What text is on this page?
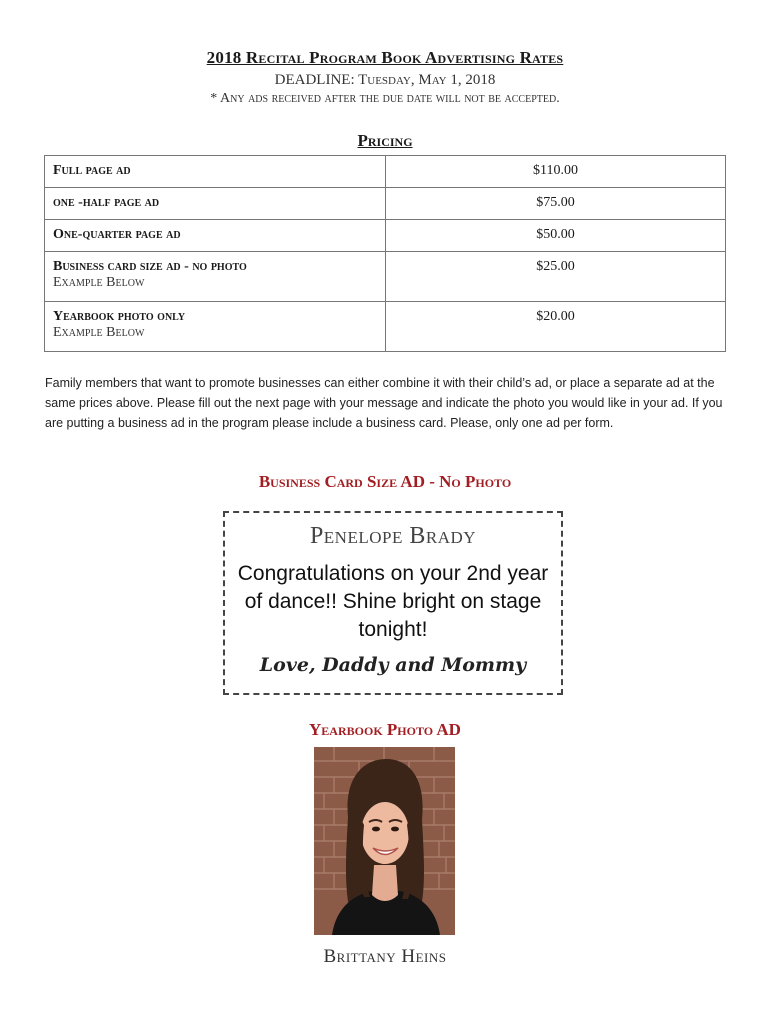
2018 Recital Program Book Advertising Rates
DEADLINE: Tuesday, May 1, 2018
* Any ads received after the due date will not be accepted.
Pricing
Full page ad	$110.00

one -half page ad	$75.00

One-quarter page ad	$50.00

Business card size ad - no photo
Example Below	$25.00

Yearbook photo only
Example Below	$20.00
Family members that want to promote businesses can either combine it with their child’s ad, or place a separate ad at the same prices above. Please fill out the next page with your message and indicate the photo you would like in your ad. If you are putting a business ad in the program please include a business card. Please, only one ad per form.
Business Card Size AD - No Photo
Penelope Brady
Congratulations on your 2nd year of dance!! Shine bright on stage tonight!
Love, Daddy and Mommy
Yearbook Photo AD
Brittany Heins
